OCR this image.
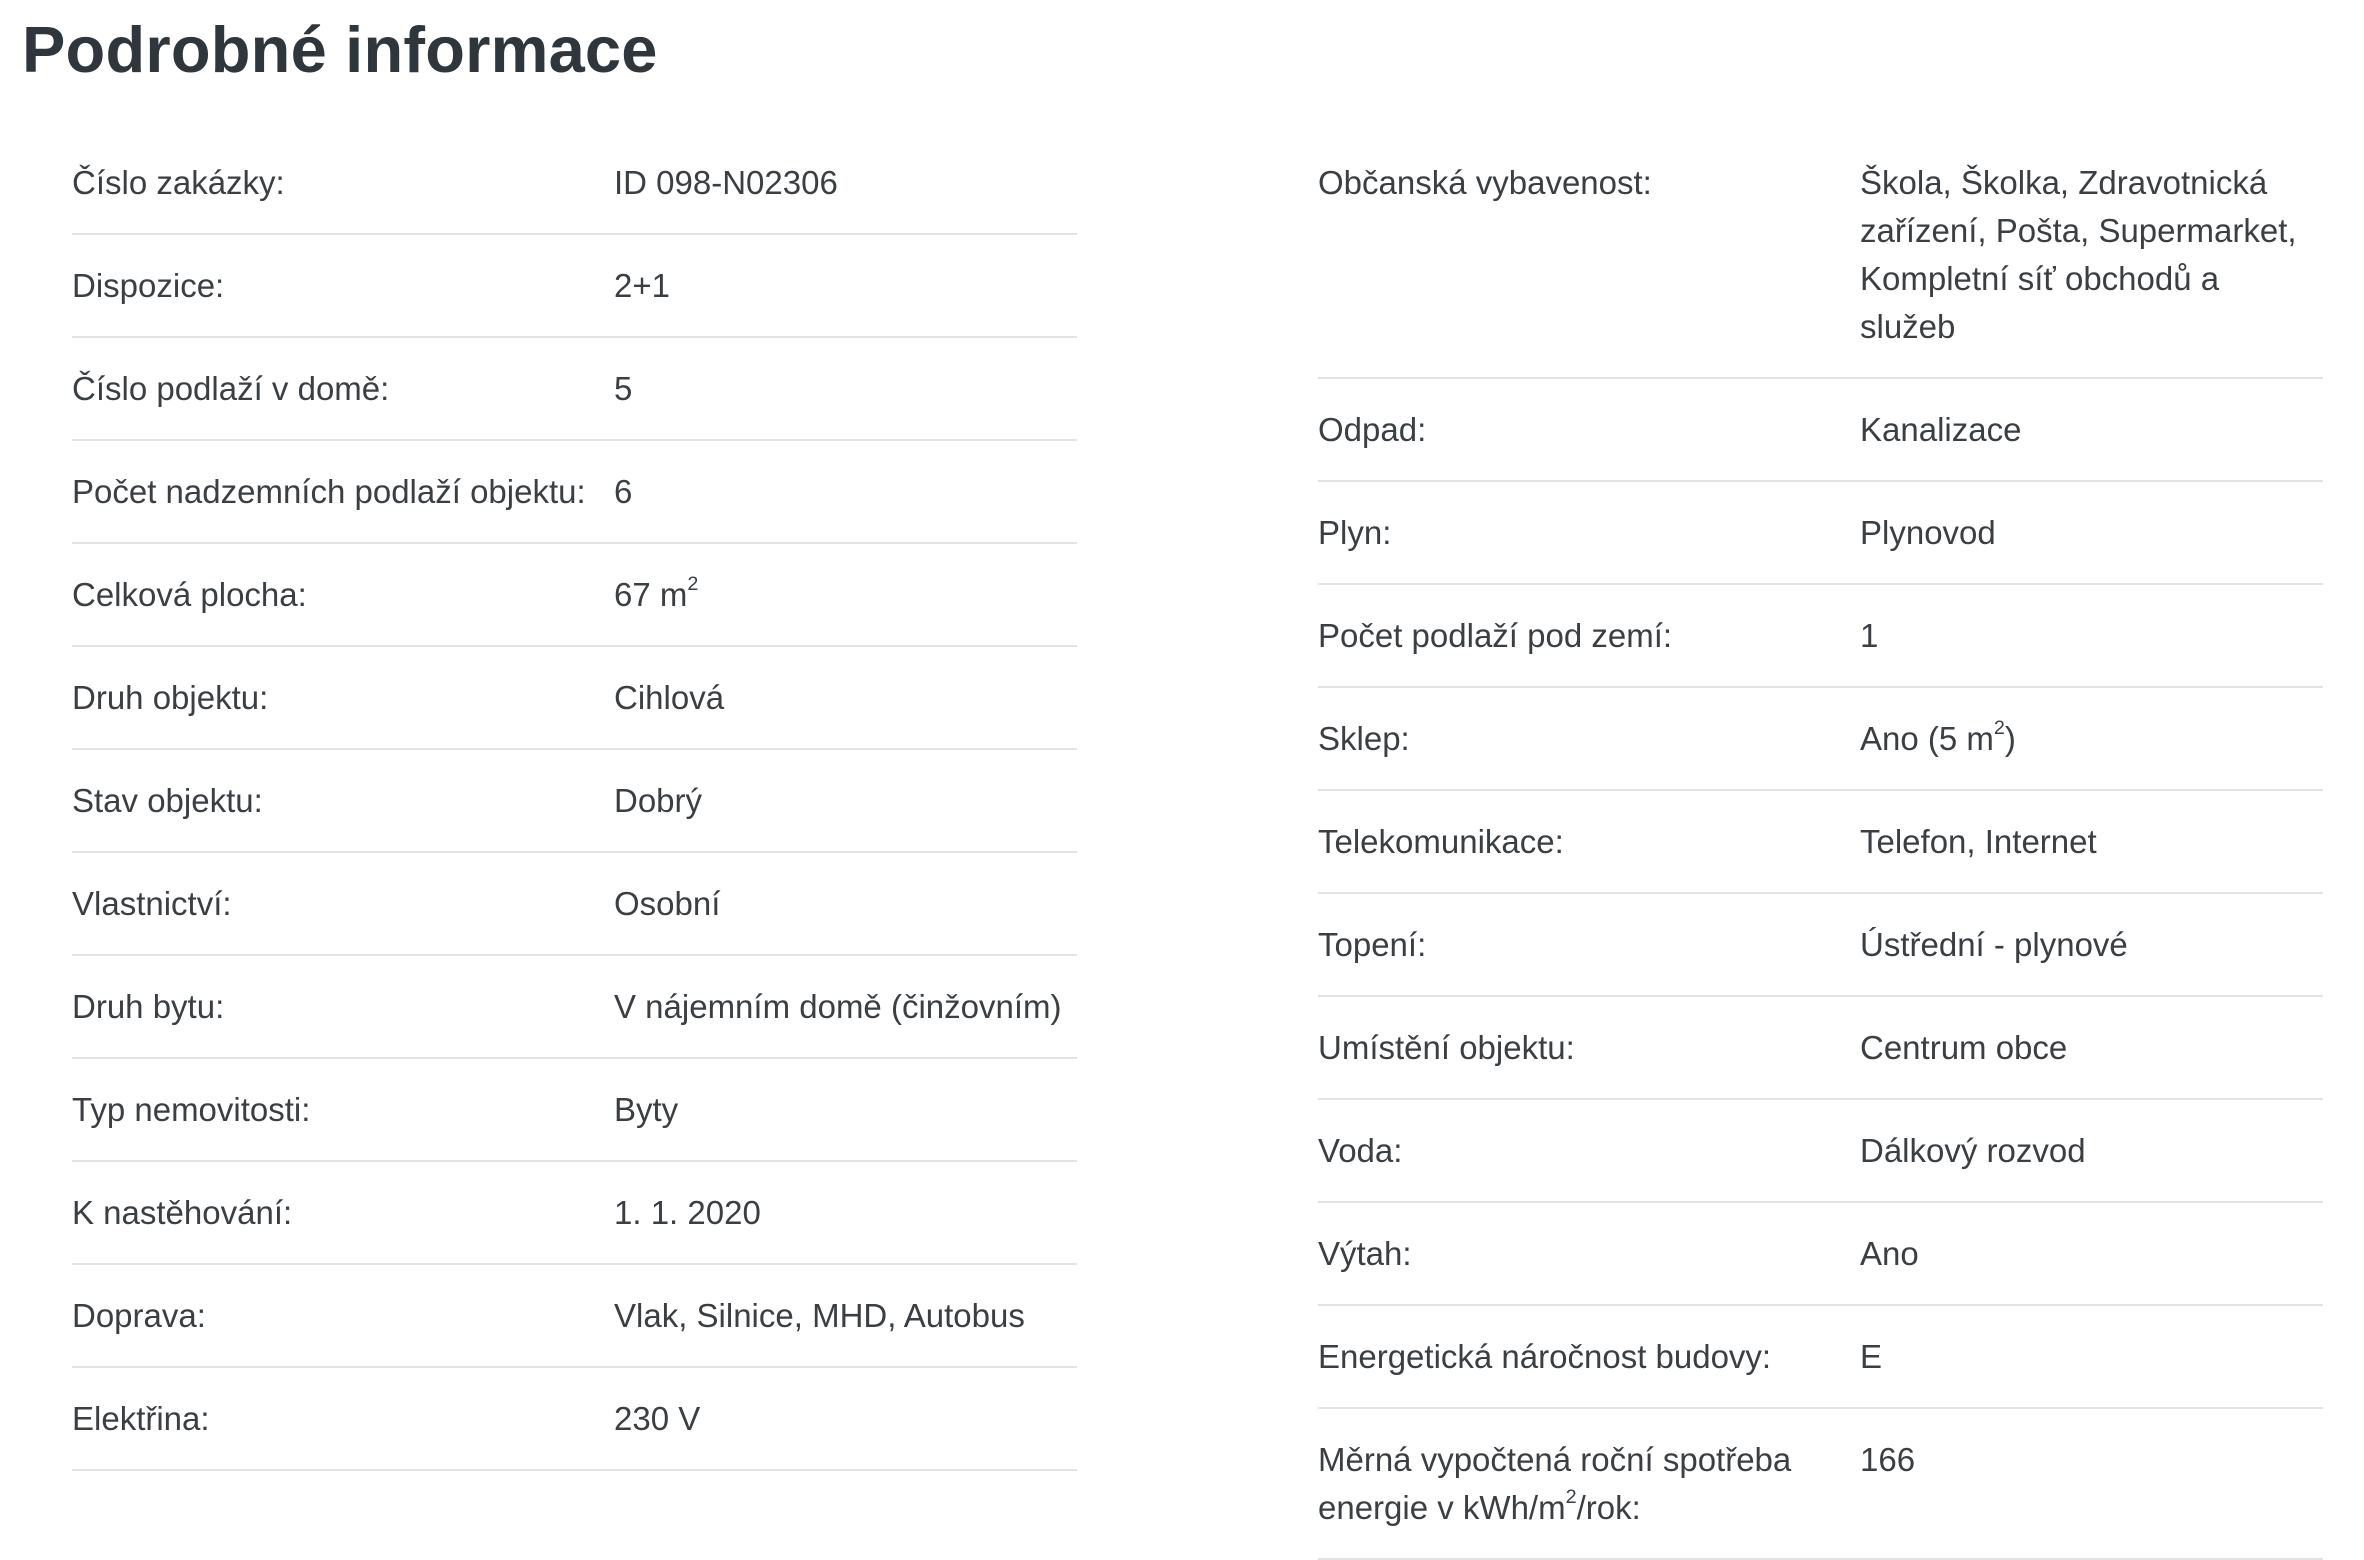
Podrobné informace
Číslo zakázky:	ID 098-N02306
Dispozice:	2+1
Číslo podlaží v domě:	5
Počet nadzemních podlaží objektu: 6
Celková plocha:	67 $m^2$
Druh objektu:	Cihlová
Stav objektu:	Dobrý
Vlastnictví:	Osobní
Druh bytu:	V nájemním domě (činžovním)
Typ nemovitosti:	Byty
K nastěhování:	1. 1. 2020
Doprava:	Vlak, Silnice, MHD, Autobus
Elektřina:	230 V
Občanská vybavenost:	Škola, Školka, Zdravotnická zařízení, Pošta, Supermarket, Kompletní síť obchodů a služeb
Odpad:	Kanalizace
Plyn:	Plynovod
Počet podlaží pod zemí:	1
Sklep:	Ano (5 $m^2$)
Telekomunikace:	Telefon, Internet
Topení:	Ústřední - plynové
Umístění objektu:	Centrum obce
Voda:	Dálkový rozvod
Výtah:	Ano
Energetická náročnost budovy:	E
Měrná vypočtená roční spotřeba energie v kWh/$m^2$/rok:
166
